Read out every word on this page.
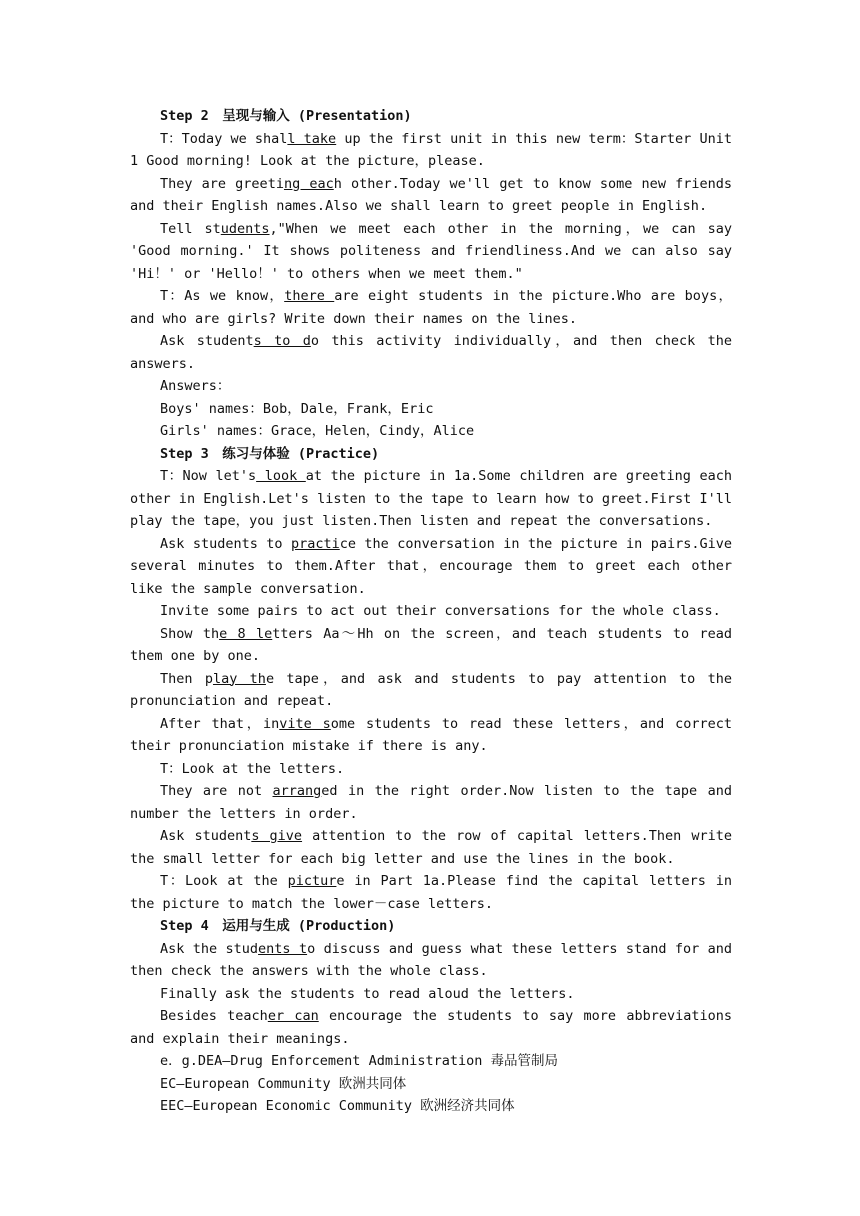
Step 2　呈现与输入 (Presentation)

T：Today we shall take up the first unit in this new term：Starter Unit 1 Good morning! Look at the picture，please.

They are greeting each other.Today we'll get to know some new friends and their English names.Also we shall learn to greet people in English.

Tell students,"When we meet each other in the morning，we can say 'Good morning.' It shows politeness and friendliness.And we can also say 'Hi！' or 'Hello！' to others when we meet them."

T：As we know，there are eight students in the picture.Who are boys，and who are girls? Write down their names on the lines.

Ask students to do this activity individually，and then check the answers.

Answers：

Boys' names：Bob，Dale，Frank，Eric

Girls' names：Grace，Helen，Cindy，Alice

Step 3　练习与体验 (Practice)

T：Now let's look at the picture in 1a.Some children are greeting each other in English.Let's listen to the tape to learn how to greet.First I'll play the tape，you just listen.Then listen and repeat the conversations.

Ask students to practice the conversation in the picture in pairs.Give several minutes to them.After that，encourage them to greet each other like the sample conversation.

Invite some pairs to act out their conversations for the whole class.

Show the 8 letters Aa～Hh on the screen，and teach students to read them one by one.

Then play the tape，and ask and students to pay attention to the pronunciation and repeat.

After that，invite some students to read these letters，and correct their pronunciation mistake if there is any.

T：Look at the letters.

They are not arranged in the right order.Now listen to the tape and number the letters in order.

Ask students give attention to the row of capital letters.Then write the small letter for each big letter and use the lines in the book.

T：Look at the picture in Part 1a.Please find the capital letters in the picture to match the lower－case letters.

Step 4　运用与生成 (Production)

Ask the students to discuss and guess what these letters stand for and then check the answers with the whole class.

Finally ask the students to read aloud the letters.

Besides teacher can encourage the students to say more abbreviations and explain their meanings.

e．g.DEA—Drug Enforcement Administration 毒品管制局

EC—European Community 欧洲共同体

EEC—European Economic Community 欧洲经济共同体
